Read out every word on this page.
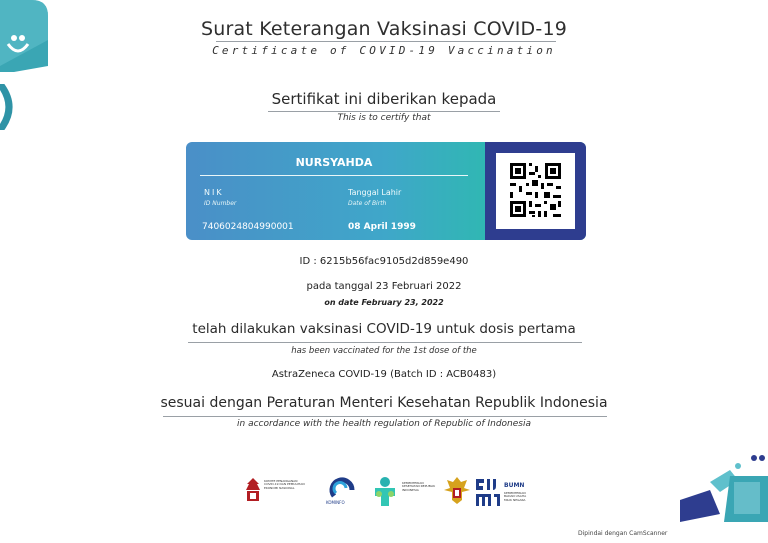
Surat Keterangan Vaksinasi COVID-19
Certificate of COVID-19 Vaccination
Sertifikat ini diberikan kepada
This is to certify that
NURSYAHDA
NIK
ID Number
Tanggal Lahir
Date of Birth
7406024804990001	08 April 1999
ID : 6215b56fac9105d2d859e490
pada tanggal 23 Februari 2022
on date February 23, 2022
telah dilakukan vaksinasi COVID-19 untuk dosis pertama
has been vaccinated for the 1st dose of the
AstraZeneca COVID-19 (Batch ID : ACB0483)
sesuai dengan Peraturan Menteri Kesehatan Republik Indonesia
in accordance with the health regulation of Republic of Indonesia
KOMITE PENANGANAN COVID-19 DAN PEMULIHAN EKONOMI NASIONAL
KOMINFO
KEMENTERIAN KESEHATAN REPUBLIK INDONESIA
BUMN
KEMENTERIAN BADAN USAHA MILIK NEGARA
Dipindai dengan CamScanner
